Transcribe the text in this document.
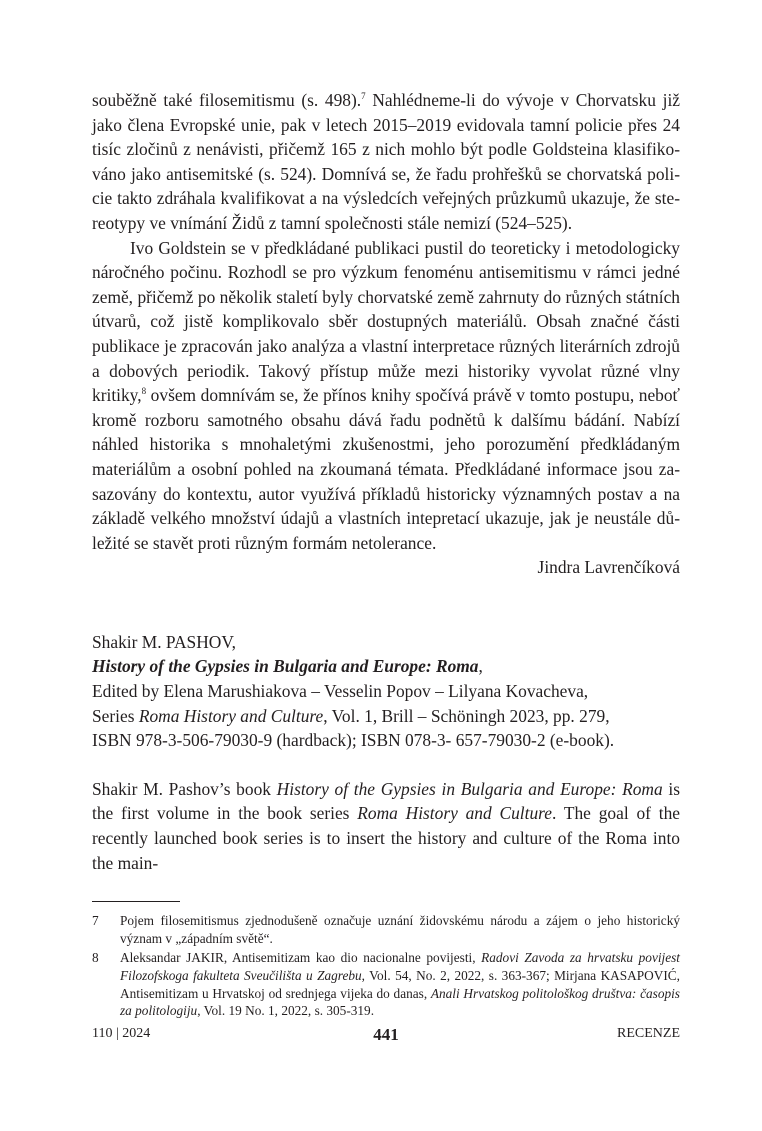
souběžně také filosemitismu (s. 498).$^7$ Nahlédneme-li do vývoje v Chorvatsku již jako člena Evropské unie, pak v letech 2015–2019 evidovala tamní policie přes 24 tisíc zločinů z nenávisti, přičemž 165 z nich mohlo být podle Goldsteina klasifikováno jako antisemitské (s. 524). Domnívá se, že řadu prohřešků se chorvatská policie takto zdráhala kvalifikovat a na výsledcích veřejných průzkumů ukazuje, že stereotypy ve vnímání Židů z tamní společnosti stále nemizí (524–525).

Ivo Goldstein se v předkládané publikaci pustil do teoreticky i metodologicky náročného počinu. Rozhodl se pro výzkum fenoménu antisemitismu v rámci jedné země, přičemž po několik staletí byly chorvatské země zahrnuty do různých státních útvarů, což jistě komplikovalo sběr dostupných materiálů. Obsah značné části publikace je zpracován jako analýza a vlastní interpretace různých literárních zdrojů a dobových periodik. Takový přístup může mezi historiky vyvolat různé vlny kritiky,$^8$ ovšem domnívám se, že přínos knihy spočívá právě v tomto postupu, neboť kromě rozboru samotného obsahu dává řadu podnětů k dalšímu bádání. Nabízí náhled historika s mnohaletými zkušenostmi, jeho porozumění předkládaným materiálům a osobní pohled na zkoumaná témata. Předkládané informace jsou zasazovány do kontextu, autor využívá příkladů historicky významných postav a na základě velkého množství údajů a vlastních intepretací ukazuje, jak je neustále důležité se stavět proti různým formám netolerance.

Jindra Lavrenčíková

Shakir M. PASHOV,

History of the Gypsies in Bulgaria and Europe: Roma,

Edited by Elena Marushiakova – Vesselin Popov – Lilyana Kovacheva,

Series Roma History and Culture, Vol. 1, Brill – Schöningh 2023, pp. 279,

ISBN 978-3-506-79030-9 (hardback); ISBN 078-3- 657-79030-2 (e-book).

Shakir M. Pashov’s book History of the Gypsies in Bulgaria and Europe: Roma is the first volume in the book series Roma History and Culture. The goal of the recently launched book series is to insert the history and culture of the Roma into the main-

7	Pojem filosemitismus zjednodušeně označuje uznání židovskému národu a zájem o jeho historický význam v „západním světě“.
8	Aleksandar JAKIR, Antisemitizam kao dio nacionalne povijesti, Radovi Zavoda za hrvatsku povijest Filozofskoga fakulteta Sveučilišta u Zagrebu, Vol. 54, No. 2, 2022, s. 363-367; Mirjana KASAPOVIĆ, Antisemitizam u Hrvatskoj od srednjega vijeka do danas, Anali Hrvatskog politološkog društva: časopis za politologiju, Vol. 19 No. 1, 2022, s. 305-319.
110 | 2024	441	RECENZE
